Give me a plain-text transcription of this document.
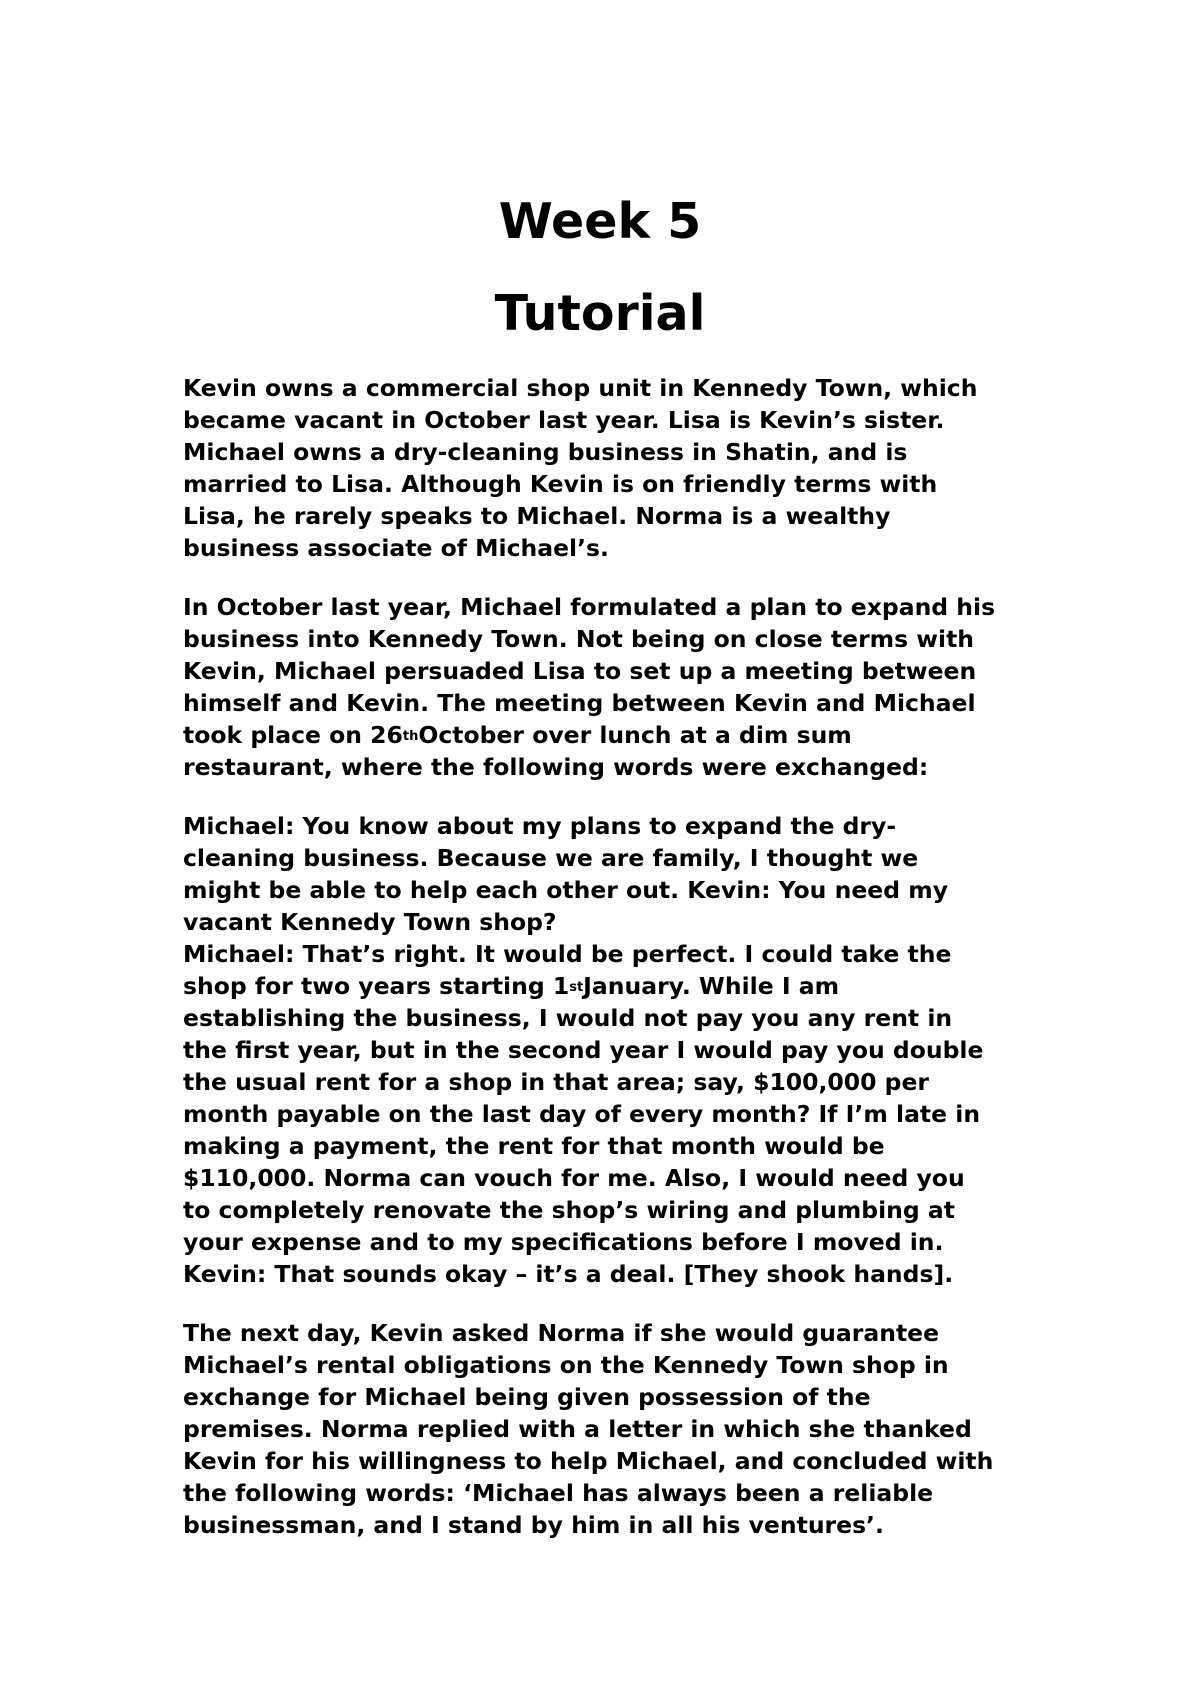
Week 5
Tutorial

Kevin owns a commercial shop unit in Kennedy Town, which
became vacant in October last year. Lisa is Kevin’s sister.
Michael owns a dry-cleaning business in Shatin, and is
married to Lisa. Although Kevin is on friendly terms with
Lisa, he rarely speaks to Michael. Norma is a wealthy
business associate of Michael’s.

In October last year, Michael formulated a plan to expand his
business into Kennedy Town. Not being on close terms with
Kevin, Michael persuaded Lisa to set up a meeting between
himself and Kevin. The meeting between Kevin and Michael
took place on 26thOctober over lunch at a dim sum
restaurant, where the following words were exchanged:

Michael: You know about my plans to expand the dry-
cleaning business. Because we are family, I thought we
might be able to help each other out. Kevin: You need my
vacant Kennedy Town shop?
Michael: That’s right. It would be perfect. I could take the
shop for two years starting 1stJanuary. While I am
establishing the business, I would not pay you any rent in
the first year, but in the second year I would pay you double
the usual rent for a shop in that area; say, $100,000 per
month payable on the last day of every month? If I’m late in
making a payment, the rent for that month would be
$110,000. Norma can vouch for me. Also, I would need you
to completely renovate the shop’s wiring and plumbing at
your expense and to my specifications before I moved in.
Kevin: That sounds okay – it’s a deal. [They shook hands].

The next day, Kevin asked Norma if she would guarantee
Michael’s rental obligations on the Kennedy Town shop in
exchange for Michael being given possession of the
premises. Norma replied with a letter in which she thanked
Kevin for his willingness to help Michael, and concluded with
the following words: ‘Michael has always been a reliable
businessman, and I stand by him in all his ventures’.
